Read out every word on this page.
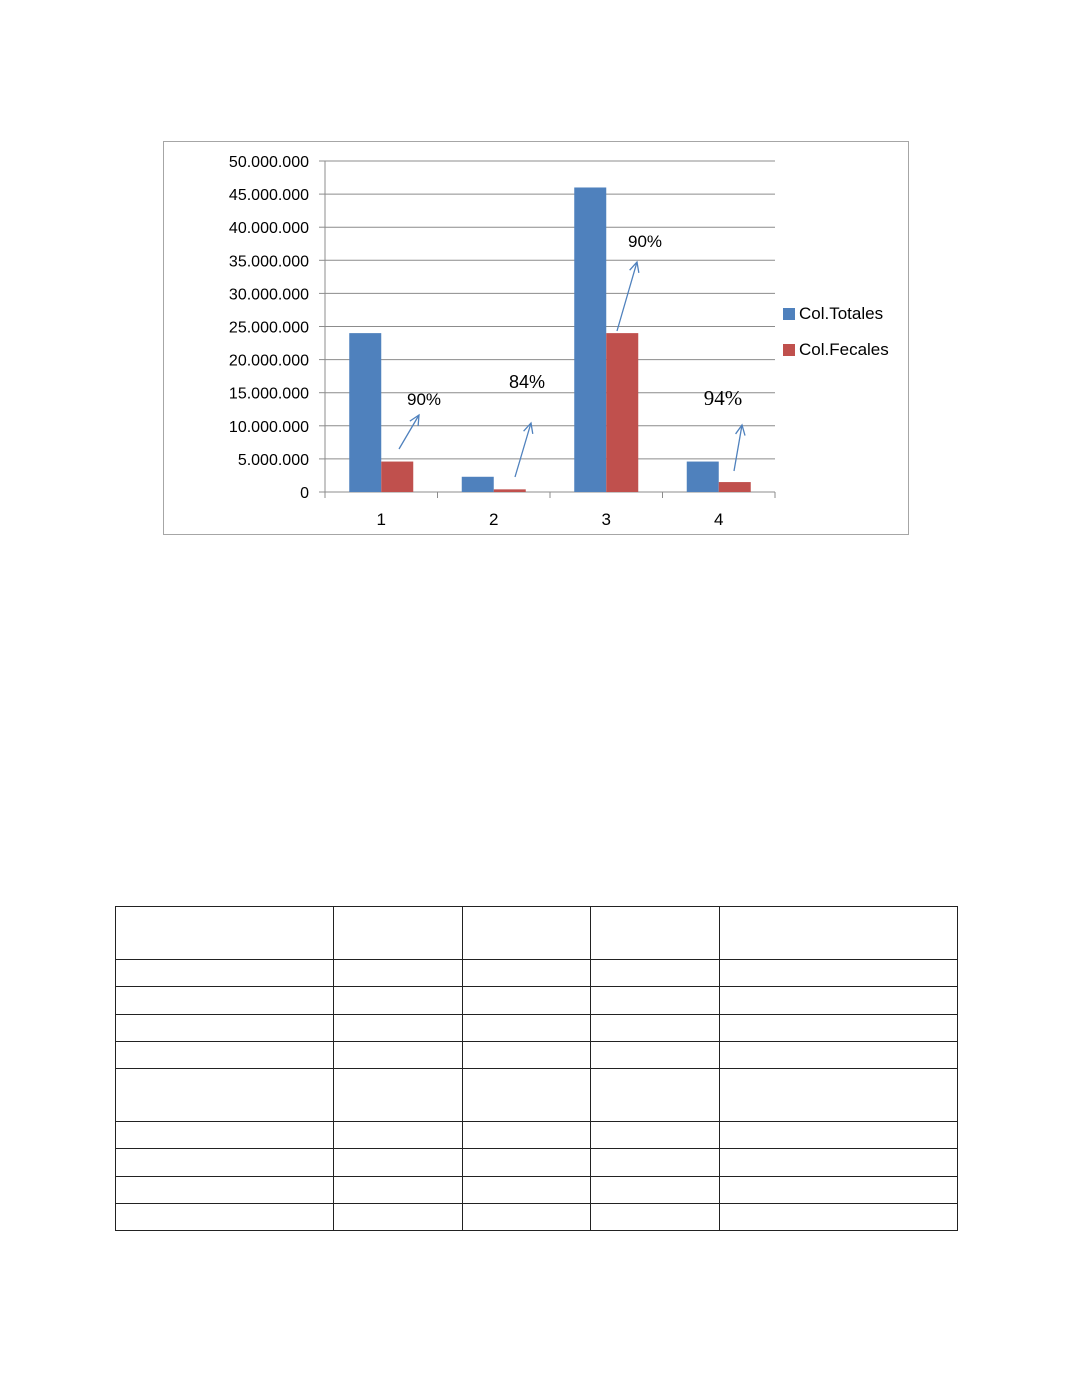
0
5.000.000
10.000.000
15.000.000
20.000.000
25.000.000
30.000.000
35.000.000
40.000.000
45.000.000
50.000.000
1	2	3	4
90%
84%
90%
94%
Col.Totales
Col.Fecales
